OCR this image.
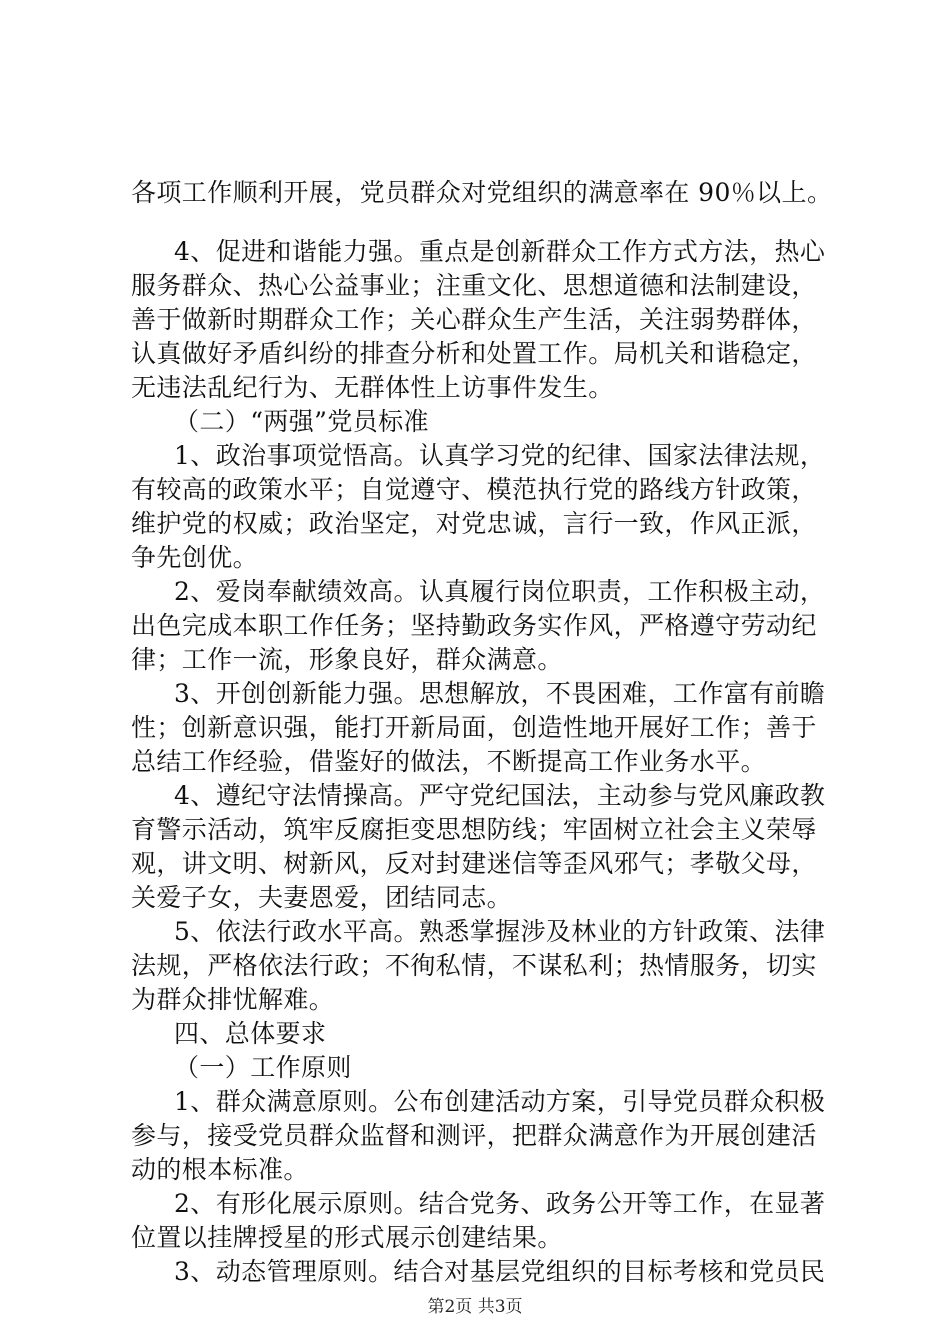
各项工作顺利开展，党员群众对党组织的满意率在 90％以上。
4、促进和谐能力强。重点是创新群众工作方式方法，热心
服务群众、热心公益事业；注重文化、思想道德和法制建设，
善于做新时期群众工作；关心群众生产生活，关注弱势群体，
认真做好矛盾纠纷的排查分析和处置工作。局机关和谐稳定，
无违法乱纪行为、无群体性上访事件发生。
（二）“两强”党员标准
1、政治事项觉悟高。认真学习党的纪律、国家法律法规，
有较高的政策水平；自觉遵守、模范执行党的路线方针政策，
维护党的权威；政治坚定，对党忠诚，言行一致，作风正派，
争先创优。
2、爱岗奉献绩效高。认真履行岗位职责，工作积极主动，
出色完成本职工作任务；坚持勤政务实作风，严格遵守劳动纪
律；工作一流，形象良好，群众满意。
3、开创创新能力强。思想解放，不畏困难，工作富有前瞻
性；创新意识强，能打开新局面，创造性地开展好工作；善于
总结工作经验，借鉴好的做法，不断提高工作业务水平。
4、遵纪守法情操高。严守党纪国法，主动参与党风廉政教
育警示活动，筑牢反腐拒变思想防线；牢固树立社会主义荣辱
观，讲文明、树新风，反对封建迷信等歪风邪气；孝敬父母，
关爱子女，夫妻恩爱，团结同志。
5、依法行政水平高。熟悉掌握涉及林业的方针政策、法律
法规，严格依法行政；不徇私情，不谋私利；热情服务，切实
为群众排忧解难。
四、总体要求
（一）工作原则
1、群众满意原则。公布创建活动方案，引导党员群众积极
参与，接受党员群众监督和测评，把群众满意作为开展创建活
动的根本标准。
2、有形化展示原则。结合党务、政务公开等工作，在显著
位置以挂牌授星的形式展示创建结果。
3、动态管理原则。结合对基层党组织的目标考核和党员民
第2页 共3页
